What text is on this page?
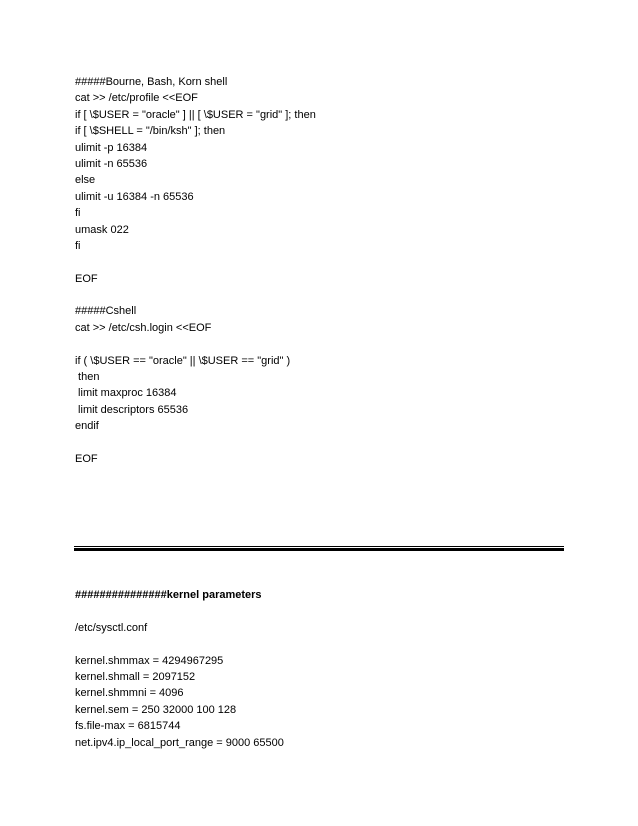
#####Bourne, Bash, Korn shell
cat >> /etc/profile <<EOF
if [ \$USER = "oracle" ] || [ \$USER = "grid" ]; then
if [ \$SHELL = "/bin/ksh" ]; then
ulimit -p 16384
ulimit -n 65536
else
ulimit -u 16384 -n 65536
fi
umask 022
fi
EOF
#####Cshell
cat >> /etc/csh.login <<EOF
if ( \$USER == "oracle" || \$USER == "grid" )
then
limit maxproc 16384
limit descriptors 65536
endif
EOF
###############kernel parameters
/etc/sysctl.conf
kernel.shmmax = 4294967295
kernel.shmall = 2097152
kernel.shmmni = 4096
kernel.sem = 250 32000 100 128
fs.file-max = 6815744
net.ipv4.ip_local_port_range = 9000 65500
